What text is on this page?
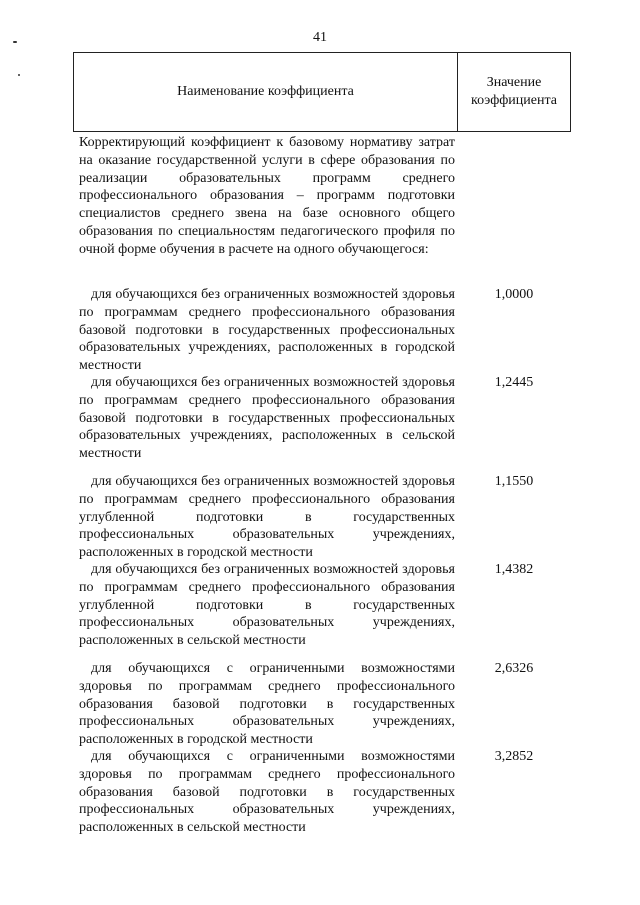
41
Наименование коэффициента
Значение
коэффициента
Корректирующий коэффициент к базовому нормативу затрат на оказание государственной услуги в сфере образования по реализации образовательных программ среднего профессионального образования – программ подготовки специалистов среднего звена на базе основного общего образования по специальностям педагогического профиля по очной форме обучения в расчете на одного обучающегося:
для обучающихся без ограниченных возможностей здоровья по программам среднего профессионального образования базовой подготовки в государственных профессиональных образовательных учреждениях, расположенных в городской местности
1,0000
для обучающихся без ограниченных возможностей здоровья по программам среднего профессионального образования базовой подготовки в государственных профессиональных образовательных учреждениях, расположенных в сельской местности
1,2445
для обучающихся без ограниченных возможностей здоровья по программам среднего профессионального образования углубленной подготовки в государственных профессиональных образовательных учреждениях, расположенных в городской местности
1,1550
для обучающихся без ограниченных возможностей здоровья по программам среднего профессионального образования углубленной подготовки в государственных профессиональных образовательных учреждениях, расположенных в сельской местности
1,4382
для обучающихся с ограниченными возможностями здоровья по программам среднего профессионального образования базовой подготовки в государственных профессиональных образовательных учреждениях, расположенных в городской местности
2,6326
для обучающихся с ограниченными возможностями здоровья по программам среднего профессионального образования базовой подготовки в государственных профессиональных образовательных учреждениях, расположенных в сельской местности
3,2852
